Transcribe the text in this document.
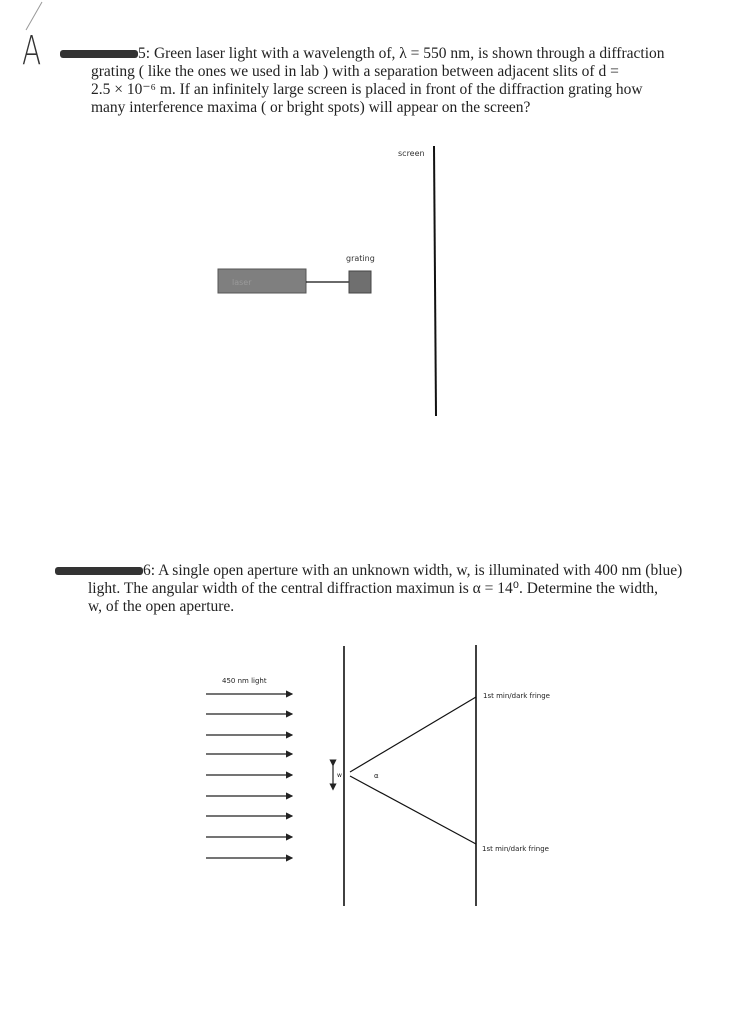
A	5: Green laser light with a wavelength of, λ = 550 nm, is shown through a diffraction
grating ( like the ones we used in lab ) with a separation between adjacent slits of d =
2.5 × 10⁻⁶ m. If an infinitely large screen is placed in front of the diffraction grating how
many interference maxima ( or bright spots) will appear on the screen?
screen
grating
laser
6: A single open aperture with an unknown width, w, is illuminated with 400 nm (blue)
light. The angular width of the central diffraction maximun is α = 14⁰. Determine the width,
w, of the open aperture.
450 nm light
w	α
1st min/dark fringe
1st min/dark fringe
